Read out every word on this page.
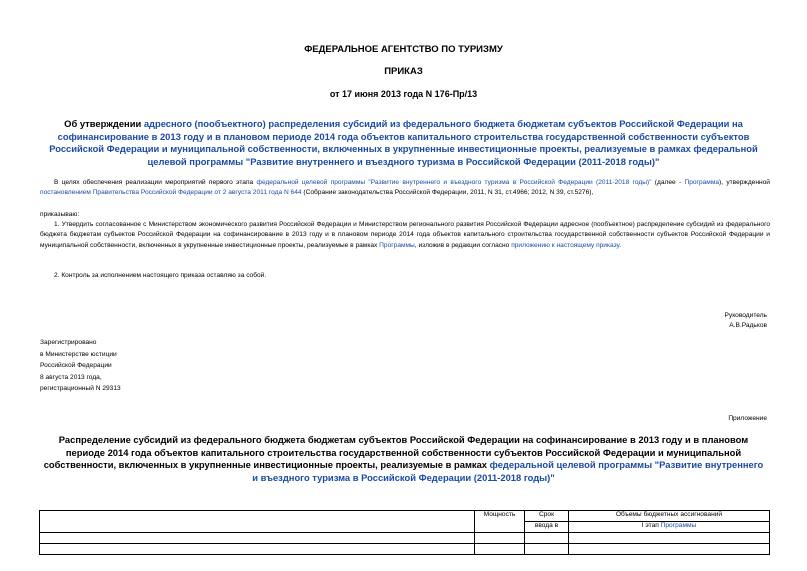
ФЕДЕРАЛЬНОЕ АГЕНТСТВО ПО ТУРИЗМУ
ПРИКАЗ
от 17 июня 2013 года N 176-Пр/13
Об утверждении адресного (пообъектного) распределения субсидий из федерального бюджета бюджетам субъектов Российской Федерации на софинансирование в 2013 году и в плановом периоде 2014 года объектов капитального строительства государственной собственности субъектов Российской Федерации и муниципальной собственности, включенных в укрупненные инвестиционные проекты, реализуемые в рамках федеральной целевой программы "Развитие внутреннего и въездного туризма в Российской Федерации (2011-2018 годы)"
В целях обеспечения реализации мероприятий первого этапа федеральной целевой программы "Развитие внутреннего и въездного туризма в Российской Федерации (2011-2018 годы)" (далее - Программа), утвержденной постановлением Правительства Российской Федерации от 2 августа 2011 года N 644 (Собрание законодательства Российской Федерации, 2011, N 31, ст.4966; 2012, N 39, ст.5276),
приказываю:
1. Утвердить согласованное с Министерством экономического развития Российской Федерации и Министерством регионального развития Российской Федерации адресное (пообъектное) распределение субсидий из федерального бюджета бюджетам субъектов Российской Федерации на софинансирование в 2013 году и в плановом периоде 2014 года объектов капитального строительства государственной собственности субъектов Российской Федерации и муниципальной собственности, включенных в укрупненные инвестиционные проекты, реализуемые в рамках Программы, изложив в редакции согласно приложению к настоящему приказу.
2. Контроль за исполнением настоящего приказа оставляю за собой.
Руководитель
А.В.Радьков
Зарегистрировано
в Министерстве юстиции
Российской Федерации
8 августа 2013 года,
регистрационный N 29313
Приложение
Распределение субсидий из федерального бюджета бюджетам субъектов Российской Федерации на софинансирование в 2013 году и в плановом периоде 2014 года объектов капитального строительства государственной собственности субъектов Российской Федерации и муниципальной собственности, включенных в укрупненные инвестиционные проекты, реализуемые в рамках федеральной целевой программы "Развитие внутреннего и въездного туризма в Российской Федерации (2011-2018 годы)"
	Мощность	Срок	Объемы бюджетных ассигнований
		ввода в	I этап Программы
